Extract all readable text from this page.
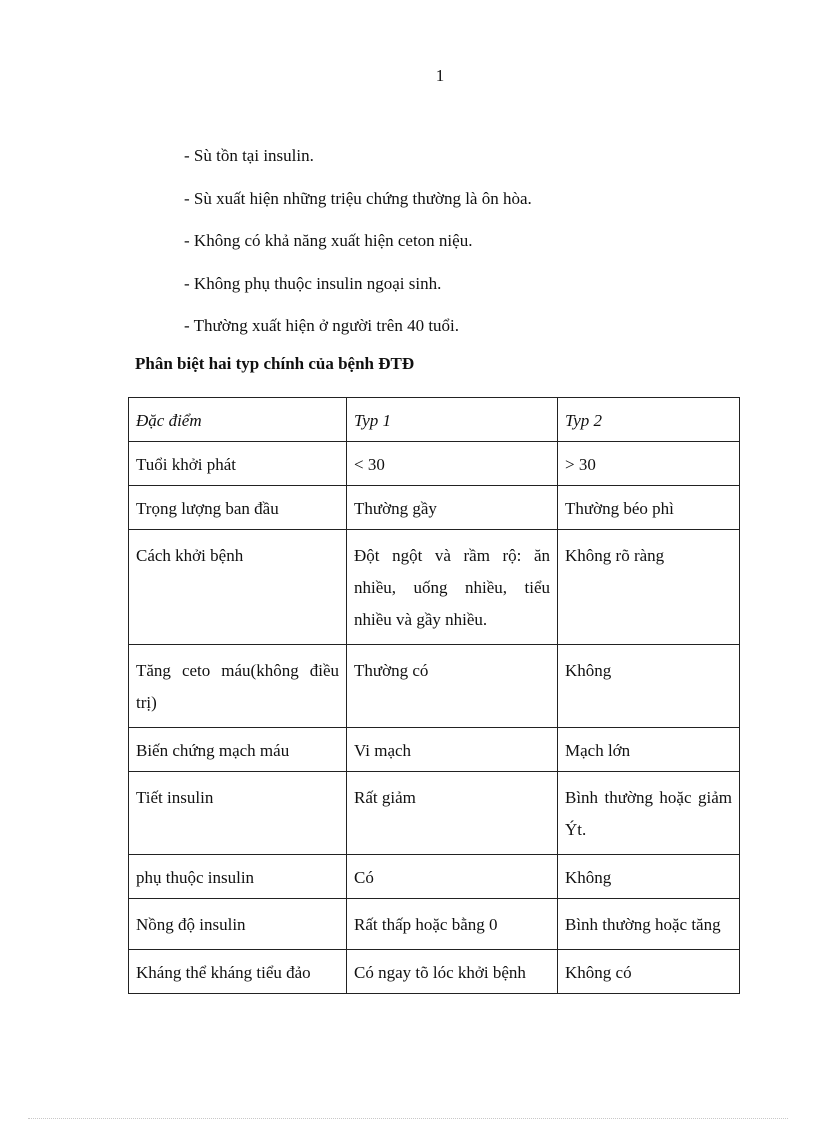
1
- Sù tồn tại insulin.
- Sù xuất hiện những triệu chứng thường là ôn hòa.
- Không có khả năng xuất hiện ceton niệu.
- Không phụ thuộc insulin ngoại sinh.
- Thường xuất hiện ở người trên 40 tuổi.
Phân biệt hai typ chính của bệnh ĐTĐ
Đặc điểm	Typ 1	Typ 2
Tuổi khởi phát	< 30	> 30
Trọng lượng ban đầu	Thường gầy	Thường béo phì
Cách khởi bệnh	Đột ngột và rầm rộ: ăn nhiều, uống nhiều, tiểu nhiều và gầy nhiều.	Không rõ ràng
Tăng ceto máu(không điều trị)	Thường có	Không
Biến chứng mạch máu	Vi mạch	Mạch lớn
Tiết insulin	Rất giảm	Bình thường hoặc giảm Ýt.
phụ thuộc insulin	Có	Không
Nồng độ insulin	Rất thấp hoặc bằng 0	Bình thường hoặc tăng
Kháng thể kháng tiểu đảo	Có ngay tõ lóc khởi bệnh	Không có
